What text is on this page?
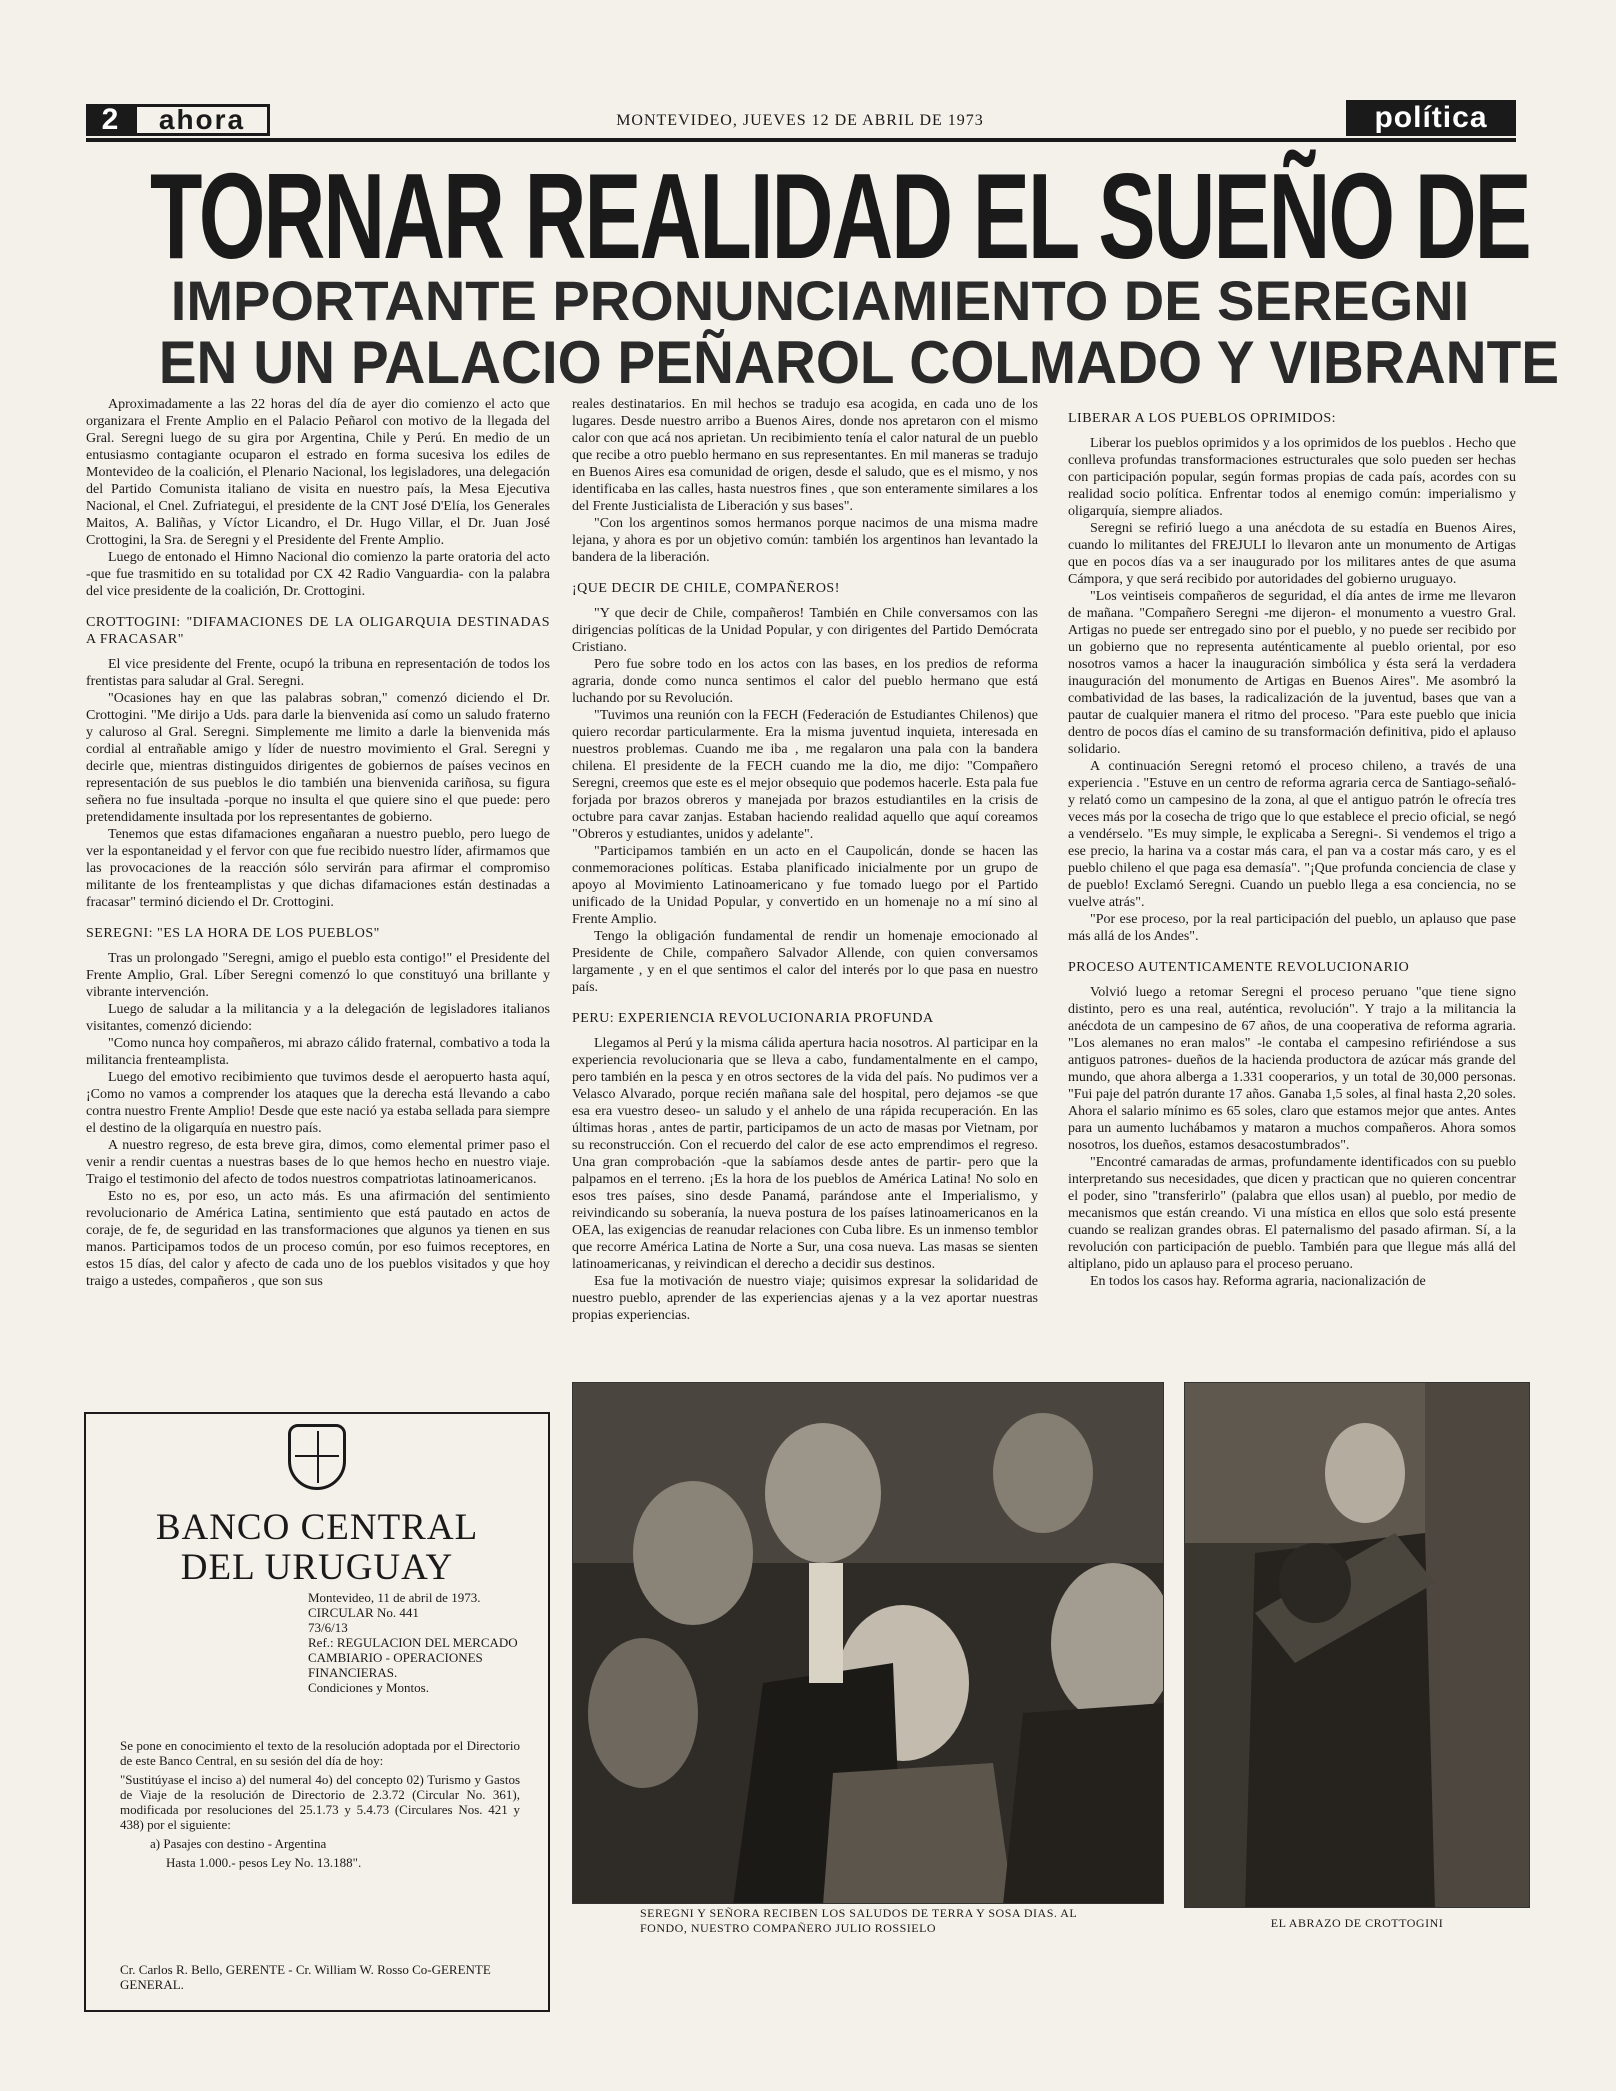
2	ahora	MONTEVIDEO, JUEVES 12 DE ABRIL DE 1973	política
TORNAR REALIDAD EL SUEÑO DE
IMPORTANTE PRONUNCIAMIENTO DE SEREGNI
EN UN PALACIO PEÑAROL COLMADO Y VIBRANTE

Aproximadamente a las 22 horas del día de ayer dio comienzo el acto que organizara el Frente Amplio en el Palacio Peñarol con motivo de la llegada del Gral. Seregni luego de su gira por Argentina, Chile y Perú. En medio de un entusiasmo contagiante ocuparon el estrado en forma sucesiva los ediles de Montevideo de la coalición, el Plenario Nacional, los legisladores, una delegación del Partido Comunista italiano de visita en nuestro país, la Mesa Ejecutiva Nacional, el Cnel. Zufriategui, el presidente de la CNT José D'Elía, los Generales Maitos, A. Baliñas, y Víctor Licandro, el Dr. Hugo Villar, el Dr. Juan José Crottogini, la Sra. de Seregni y el Presidente del Frente Amplio.

Luego de entonado el Himno Nacional dio comienzo la parte oratoria del acto -que fue trasmitido en su totalidad por CX 42 Radio Vanguardia- con la palabra del vice presidente de la coalición, Dr. Crottogini.

CROTTOGINI: "DIFAMACIONES DE LA OLIGARQUIA DESTINADAS A FRACASAR"

El vice presidente del Frente, ocupó la tribuna en representación de todos los frentistas para saludar al Gral. Seregni.

"Ocasiones hay en que las palabras sobran," comenzó diciendo el Dr. Crottogini. "Me dirijo a Uds. para darle la bienvenida así como un saludo fraterno y caluroso al Gral. Seregni. Simplemente me limito a darle la bienvenida más cordial al entrañable amigo y líder de nuestro movimiento el Gral. Seregni y decirle que, mientras distinguidos dirigentes de gobiernos de países vecinos en representación de sus pueblos le dio también una bienvenida cariñosa, su figura señera no fue insultada -porque no insulta el que quiere sino el que puede: pero pretendidamente insultada por los representantes de gobierno.

Tenemos que estas difamaciones engañaran a nuestro pueblo, pero luego de ver la espontaneidad y el fervor con que fue recibido nuestro líder, afirmamos que las provocaciones de la reacción sólo servirán para afirmar el compromiso militante de los frenteamplistas y que dichas difamaciones están destinadas a fracasar" terminó diciendo el Dr. Crottogini.

SEREGNI: "ES LA HORA DE LOS PUEBLOS"

Tras un prolongado "Seregni, amigo el pueblo esta contigo!" el Presidente del Frente Amplio, Gral. Líber Seregni comenzó lo que constituyó una brillante y vibrante intervención.

Luego de saludar a la militancia y a la delegación de legisladores italianos visitantes, comenzó diciendo:

"Como nunca hoy compañeros, mi abrazo cálido fraternal, combativo a toda la militancia frenteamplista.

Luego del emotivo recibimiento que tuvimos desde el aeropuerto hasta aquí, ¡Como no vamos a comprender los ataques que la derecha está llevando a cabo contra nuestro Frente Amplio! Desde que este nació ya estaba sellada para siempre el destino de la oligarquía en nuestro país.

A nuestro regreso, de esta breve gira, dimos, como elemental primer paso el venir a rendir cuentas a nuestras bases de lo que hemos hecho en nuestro viaje. Traigo el testimonio del afecto de todos nuestros compatriotas latinoamericanos.

Esto no es, por eso, un acto más. Es una afirmación del sentimiento revolucionario de América Latina, sentimiento que está pautado en actos de coraje, de fe, de seguridad en las transformaciones que algunos ya tienen en sus manos. Participamos todos de un proceso común, por eso fuimos receptores, en estos 15 días, del calor y afecto de cada uno de los pueblos visitados y que hoy traigo a ustedes, compañeros , que son sus

reales destinatarios. En mil hechos se tradujo esa acogida, en cada uno de los lugares. Desde nuestro arribo a Buenos Aires, donde nos apretaron con el mismo calor con que acá nos aprietan. Un recibimiento tenía el calor natural de un pueblo que recibe a otro pueblo hermano en sus representantes. En mil maneras se tradujo en Buenos Aires esa comunidad de origen, desde el saludo, que es el mismo, y nos identificaba en las calles, hasta nuestros fines , que son enteramente similares a los del Frente Justicialista de Liberación y sus bases".

"Con los argentinos somos hermanos porque nacimos de una misma madre lejana, y ahora es por un objetivo común: también los argentinos han levantado la bandera de la liberación.

¡QUE DECIR DE CHILE, COMPAÑEROS!

"Y que decir de Chile, compañeros! También en Chile conversamos con las dirigencias políticas de la Unidad Popular, y con dirigentes del Partido Demócrata Cristiano.

Pero fue sobre todo en los actos con las bases, en los predios de reforma agraria, donde como nunca sentimos el calor del pueblo hermano que está luchando por su Revolución.

"Tuvimos una reunión con la FECH (Federación de Estudiantes Chilenos) que quiero recordar particularmente. Era la misma juventud inquieta, interesada en nuestros problemas. Cuando me iba , me regalaron una pala con la bandera chilena. El presidente de la FECH cuando me la dio, me dijo: "Compañero Seregni, creemos que este es el mejor obsequio que podemos hacerle. Esta pala fue forjada por brazos obreros y manejada por brazos estudiantiles en la crisis de octubre para cavar zanjas. Estaban haciendo realidad aquello que aquí coreamos "Obreros y estudiantes, unidos y adelante".

"Participamos también en un acto en el Caupolicán, donde se hacen las conmemoraciones políticas. Estaba planificado inicialmente por un grupo de apoyo al Movimiento Latinoamericano y fue tomado luego por el Partido unificado de la Unidad Popular, y convertido en un homenaje no a mí sino al Frente Amplio.

Tengo la obligación fundamental de rendir un homenaje emocionado al Presidente de Chile, compañero Salvador Allende, con quien conversamos largamente , y en el que sentimos el calor del interés por lo que pasa en nuestro país.

PERU: EXPERIENCIA REVOLUCIONARIA PROFUNDA

Llegamos al Perú y la misma cálida apertura hacia nosotros. Al participar en la experiencia revolucionaria que se lleva a cabo, fundamentalmente en el campo, pero también en la pesca y en otros sectores de la vida del país. No pudimos ver a Velasco Alvarado, porque recién mañana sale del hospital, pero dejamos -se que esa era vuestro deseo- un saludo y el anhelo de una rápida recuperación. En las últimas horas , antes de partir, participamos de un acto de masas por Vietnam, por su reconstrucción. Con el recuerdo del calor de ese acto emprendimos el regreso. Una gran comprobación -que la sabíamos desde antes de partir- pero que la palpamos en el terreno. ¡Es la hora de los pueblos de América Latina! No solo en esos tres países, sino desde Panamá, parándose ante el Imperialismo, y reivindicando su soberanía, la nueva postura de los países latinoamericanos en la OEA, las exigencias de reanudar relaciones con Cuba libre. Es un inmenso temblor que recorre América Latina de Norte a Sur, una cosa nueva. Las masas se sienten latinoamericanas, y reivindican el derecho a decidir sus destinos.

Esa fue la motivación de nuestro viaje; quisimos expresar la solidaridad de nuestro pueblo, aprender de las experiencias ajenas y a la vez aportar nuestras propias experiencias.

LIBERAR A LOS PUEBLOS OPRIMIDOS:

Liberar los pueblos oprimidos y a los oprimidos de los pueblos . Hecho que conlleva profundas transformaciones estructurales que solo pueden ser hechas con participación popular, según formas propias de cada país, acordes con su realidad socio política. Enfrentar todos al enemigo común: imperialismo y oligarquía, siempre aliados.

Seregni se refirió luego a una anécdota de su estadía en Buenos Aires, cuando lo militantes del FREJULI lo llevaron ante un monumento de Artigas que en pocos días va a ser inaugurado por los militares antes de que asuma Cámpora, y que será recibido por autoridades del gobierno uruguayo.

"Los veintiseis compañeros de seguridad, el día antes de irme me llevaron de mañana. "Compañero Seregni -me dijeron- el monumento a vuestro Gral. Artigas no puede ser entregado sino por el pueblo, y no puede ser recibido por un gobierno que no representa auténticamente al pueblo oriental, por eso nosotros vamos a hacer la inauguración simbólica y ésta será la verdadera inauguración del monumento de Artigas en Buenos Aires". Me asombró la combatividad de las bases, la radicalización de la juventud, bases que van a pautar de cualquier manera el ritmo del proceso. "Para este pueblo que inicia dentro de pocos días el camino de su transformación definitiva, pido el aplauso solidario.

A continuación Seregni retomó el proceso chileno, a través de una experiencia . "Estuve en un centro de reforma agraria cerca de Santiago-señaló- y relató como un campesino de la zona, al que el antiguo patrón le ofrecía tres veces más por la cosecha de trigo que lo que establece el precio oficial, se negó a vendérselo. "Es muy simple, le explicaba a Seregni-. Si vendemos el trigo a ese precio, la harina va a costar más cara, el pan va a costar más caro, y es el pueblo chileno el que paga esa demasía". "¡Que profunda conciencia de clase y de pueblo! Exclamó Seregni. Cuando un pueblo llega a esa conciencia, no se vuelve atrás".

"Por ese proceso, por la real participación del pueblo, un aplauso que pase más allá de los Andes".

PROCESO AUTENTICAMENTE REVOLUCIONARIO

Volvió luego a retomar Seregni el proceso peruano "que tiene signo distinto, pero es una real, auténtica, revolución". Y trajo a la militancia la anécdota de un campesino de 67 años, de una cooperativa de reforma agraria. "Los alemanes no eran malos" -le contaba el campesino refiriéndose a sus antiguos patrones- dueños de la hacienda productora de azúcar más grande del mundo, que ahora alberga a 1.331 cooperarios, y un total de 30,000 personas. "Fui paje del patrón durante 17 años. Ganaba 1,5 soles, al final hasta 2,20 soles. Ahora el salario mínimo es 65 soles, claro que estamos mejor que antes. Antes para un aumento luchábamos y mataron a muchos compañeros. Ahora somos nosotros, los dueños, estamos desacostumbrados".

"Encontré camaradas de armas, profundamente identificados con su pueblo interpretando sus necesidades, que dicen y practican que no quieren concentrar el poder, sino "transferirlo" (palabra que ellos usan) al pueblo, por medio de mecanismos que están creando. Vi una mística en ellos que solo está presente cuando se realizan grandes obras. El paternalismo del pasado afirman. Sí, a la revolución con participación de pueblo. También para que llegue más allá del altiplano, pido un aplauso para el proceso peruano.

En todos los casos hay. Reforma agraria, nacionalización de

BANCO CENTRAL
DEL URUGUAY
Montevideo, 11 de abril de 1973.
CIRCULAR No. 441
73/6/13
Ref.: REGULACION DEL MERCADO CAMBIARIO - OPERACIONES FINANCIERAS.
Condiciones y Montos.

Se pone en conocimiento el texto de la resolución adoptada por el Directorio de este Banco Central, en su sesión del día de hoy:

"Sustitúyase el inciso a) del numeral 4o) del concepto 02) Turismo y Gastos de Viaje de la resolución de Directorio de 2.3.72 (Circular No. 361), modificada por resoluciones del 25.1.73 y 5.4.73 (Circulares Nos. 421 y 438) por el siguiente:

a) Pasajes con destino - Argentina

Hasta 1.000.- pesos Ley No. 13.188".

Cr. Carlos R. Bello, GERENTE - Cr. William W. Rosso Co-GERENTE GENERAL.
SEREGNI Y SEÑORA RECIBEN LOS SALUDOS DE TERRA Y SOSA DIAS. AL FONDO, NUESTRO COMPAÑERO JULIO ROSSIELO	EL ABRAZO DE CROTTOGINI
